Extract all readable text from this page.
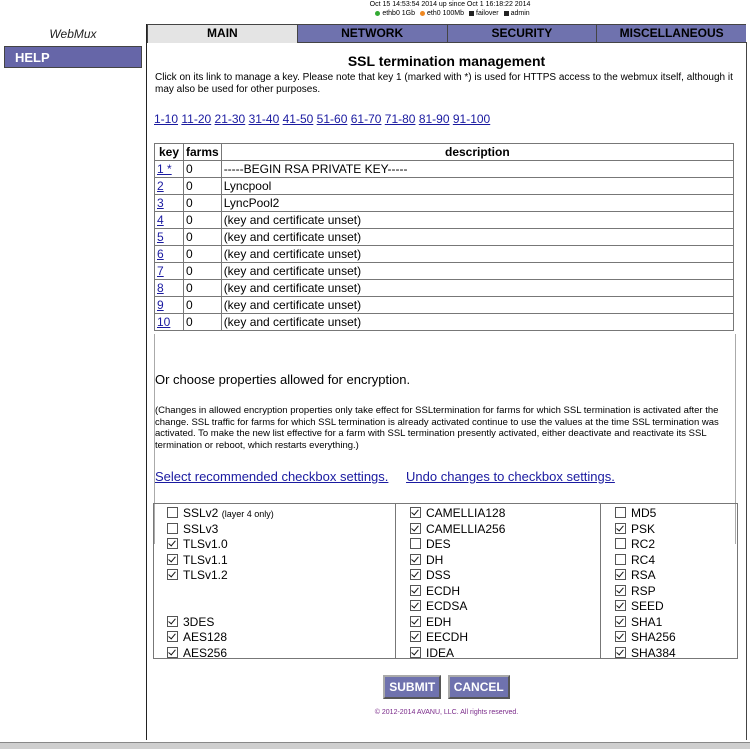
Oct 15 14:53:54 2014 up since Oct 1 16:18:22 2014
ethb0 1Gb eth0 100Mb failover admin
WebMux
HELP
MAIN	NETWORK	SECURITY	MISCELLANEOUS
SSL termination management
Click on its link to manage a key. Please note that key 1 (marked with *) is used for HTTPS access to the webmux itself, although it may also be used for other purposes.
1-10 11-20 21-30 31-40 41-50 51-60 61-70 71-80 81-90 91-100
key	farms	description
1 *	0	-----BEGIN RSA PRIVATE KEY-----
2	0	Lyncpool
3	0	LyncPool2
4	0	(key and certificate unset)
5	0	(key and certificate unset)
6	0	(key and certificate unset)
7	0	(key and certificate unset)
8	0	(key and certificate unset)
9	0	(key and certificate unset)
10	0	(key and certificate unset)
Or choose properties allowed for encryption.
(Changes in allowed encryption properties only take effect for SSLtermination for farms for which SSL termination is activated after the change. SSL traffic for farms for which SSL termination is already activated continue to use the values at the time SSL termination was activated. To make the new list effective for a farm with SSL termination presently activated, either deactivate and reactivate its SSL termination or reboot, which restarts everything.)
Select recommended checkbox settings. Undo changes to checkbox settings.
SSLv2 (layer 4 only)
SSLv3
TLSv1.0
TLSv1.1
TLSv1.2
3DES
AES128
AES256
CAMELLIA128
CAMELLIA256
DES
DH
DSS
ECDH
ECDSA
EDH
EECDH
IDEA
MD5
PSK
RC2
RC4
RSA
RSP
SEED
SHA1
SHA256
SHA384
SUBMIT CANCEL
© 2012-2014 AVANU, LLC. All rights reserved.
